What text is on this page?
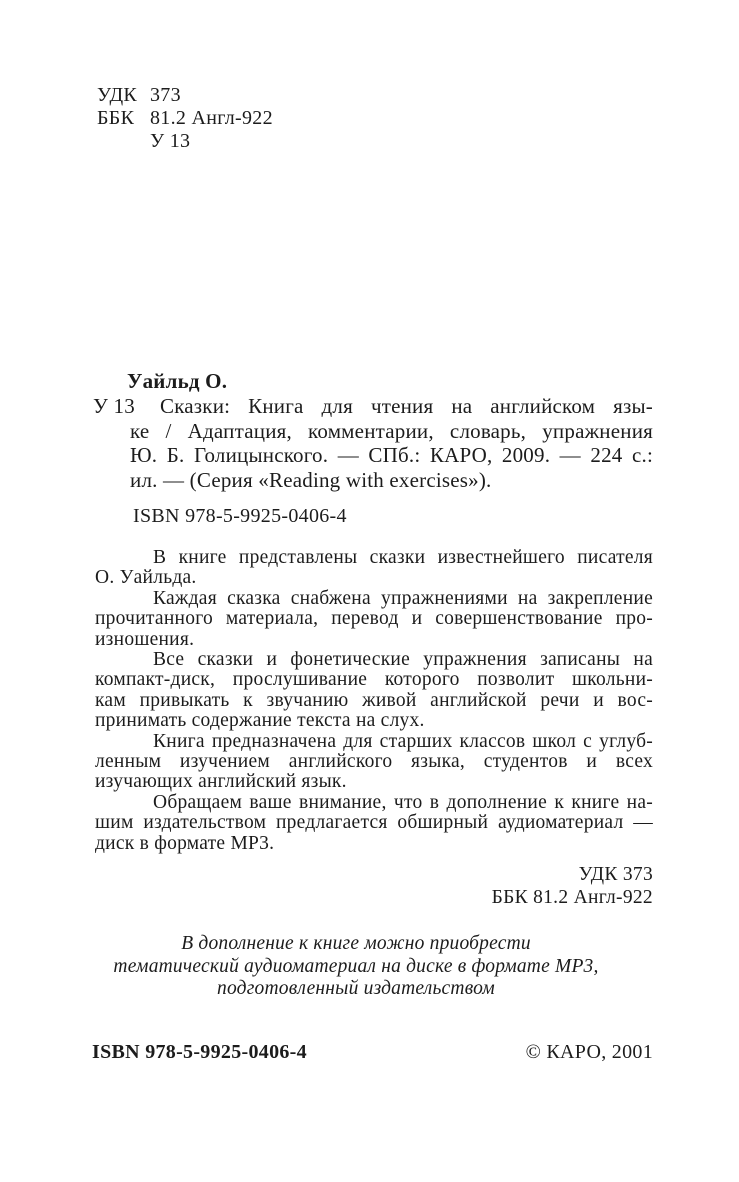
УДК 373
ББК 81.2 Англ-922
У 13
Уайльд О.
У 13	Сказки: Книга для чтения на английском язы-
ке / Адаптация, комментарии, словарь, упражнения
Ю. Б. Голицынского. — СПб.: КАРО, 2009. — 224 с.:
ил. — (Серия «Reading with exercises»).
ISBN 978-5-9925-0406-4
В книге представлены сказки известнейшего писателя
О. Уайльда.
Каждая сказка снабжена упражнениями на закрепление
прочитанного материала, перевод и совершенствование про-
изношения.
Все сказки и фонетические упражнения записаны на
компакт-диск, прослушивание которого позволит школьни-
кам привыкать к звучанию живой английской речи и вос-
принимать содержание текста на слух.
Книга предназначена для старших классов школ с углуб-
ленным изучением английского языка, студентов и всех
изучающих английский язык.
Обращаем ваше внимание, что в дополнение к книге на-
шим издательством предлагается обширный аудиоматериал —
диск в формате MP3.
УДК 373
ББК 81.2 Англ-922
В дополнение к книге можно приобрести
тематический аудиоматериал на диске в формате MP3,
подготовленный издательством
ISBN 978-5-9925-0406-4	© КАРО, 2001
